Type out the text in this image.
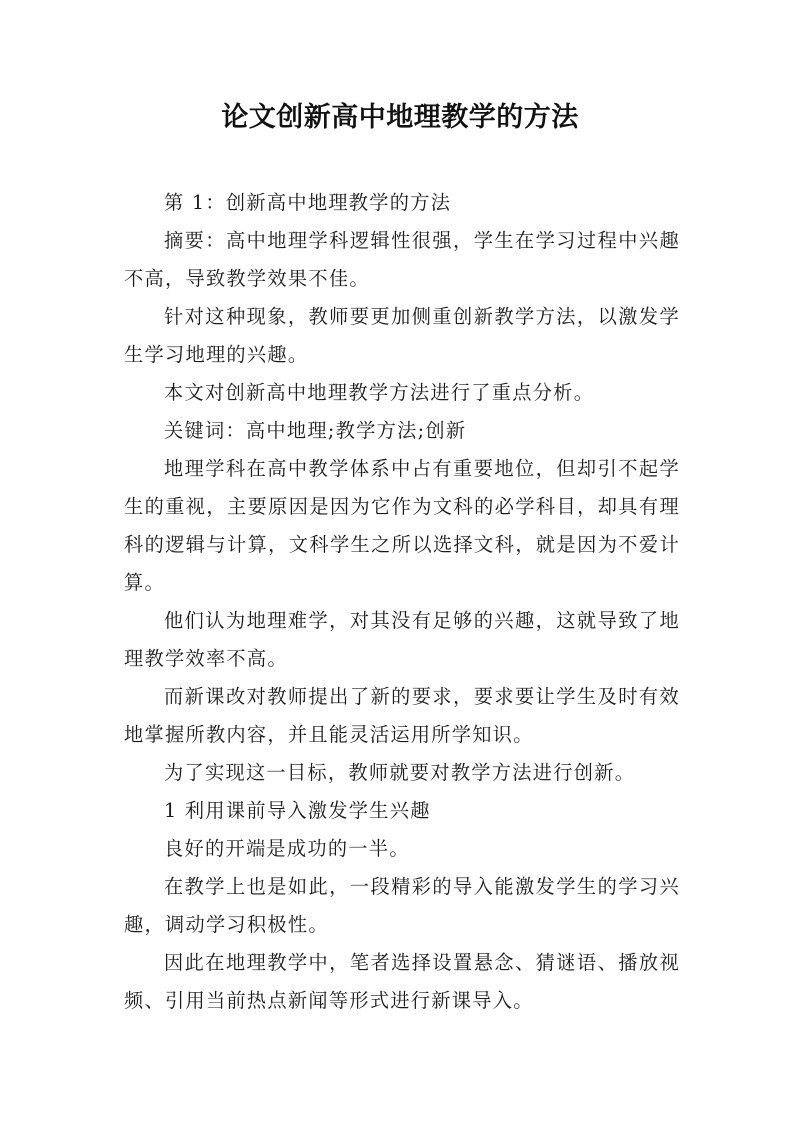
论文创新高中地理教学的方法

第 1：创新高中地理教学的方法

摘要：高中地理学科逻辑性很强，学生在学习过程中兴趣不高，导致教学效果不佳。

针对这种现象，教师要更加侧重创新教学方法，以激发学生学习地理的兴趣。

本文对创新高中地理教学方法进行了重点分析。

关键词：高中地理;教学方法;创新

地理学科在高中教学体系中占有重要地位，但却引不起学生的重视，主要原因是因为它作为文科的必学科目，却具有理科的逻辑与计算，文科学生之所以选择文科，就是因为不爱计算。

他们认为地理难学，对其没有足够的兴趣，这就导致了地理教学效率不高。

而新课改对教师提出了新的要求，要求要让学生及时有效地掌握所教内容，并且能灵活运用所学知识。

为了实现这一目标，教师就要对教学方法进行创新。

1 利用课前导入激发学生兴趣

良好的开端是成功的一半。

在教学上也是如此，一段精彩的导入能激发学生的学习兴趣，调动学习积极性。

因此在地理教学中，笔者选择设置悬念、猜谜语、播放视频、引用当前热点新闻等形式进行新课导入。
